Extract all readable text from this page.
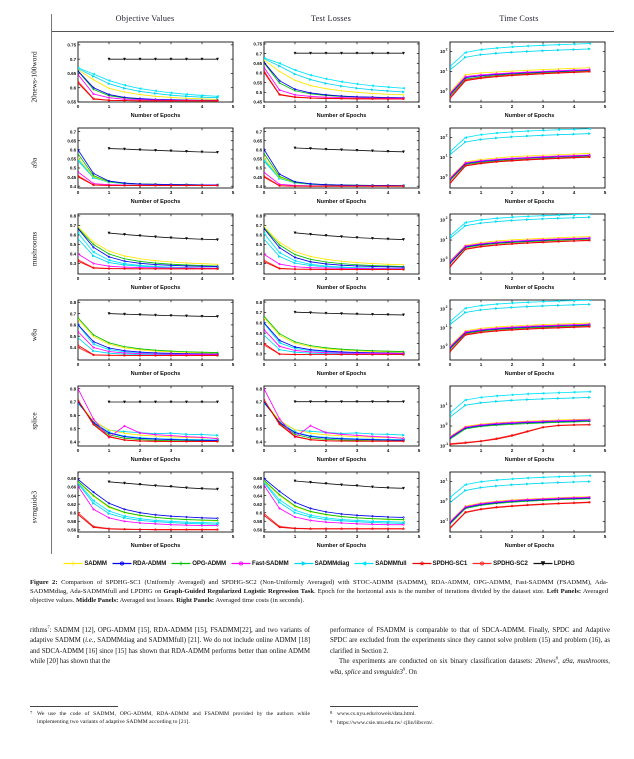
Objective Values	Test Losses	Time Costs
20news-100word
0	1	2	3	4	5
0.55
0.6
0.65
0.7
0.75
Number of Epochs
0	1	2	3	4	5
0.45
0.5
0.55
0.6
0.65
0.7
0.75
Number of Epochs
0	1	2	3	4	5
10 0
10 1
10 2
Number of Epochs
a9a
0	1	2	3	4	5
0.4
0.45
0.5
0.55
0.6
0.65
0.7
Number of Epochs
0	1	2	3	4	5
0.4
0.45
0.5
0.55
0.6
0.65
0.7
Number of Epochs
0	1	2	3	4	5
10 0
10 1
10 2
Number of Epochs
mushrooms
0	1	2	3	4	5
0.3
0.4
0.5
0.6
0.7
0.8
Number of Epochs
0	1	2	3	4	5
0.3
0.4
0.5
0.6
0.7
0.8
Number of Epochs
0	1	2	3	4	5
10 0
10 1
10 2
Number of Epochs
w8a
0	1	2	3	4	5
0.4
0.5
0.6
0.7
0.8
Number of Epochs
0	1	2	3	4	5
0.3
0.4
0.5
0.6
0.7
0.8
Number of Epochs
0	1	2	3	4	5
10 0
10 1
10 2
Number of Epochs
splice
0	1	2	3	4	5
0.4
0.5
0.6
0.7
0.8
Number of Epochs
0	1	2	3	4	5
0.4
0.5
0.6
0.7
0.8
Number of Epochs
0	1	2	3	4	5
10 -1
10 0
10 1
Number of Epochs
svmguide3
0	1	2	3	4	5
0.56
0.58
0.6
0.62
0.64
0.66
0.68
Number of Epochs
0	1	2	3	4	5
0.56
0.58
0.6
0.62
0.64
0.66
0.68
Number of Epochs
0	1	2	3	4	5
10 -1
10 0
10 1
Number of Epochs
SADMM	RDA-ADMM	OPG-ADMM	Fast-SADMM	SADMMdiag	SADMMfull	SPDHG-SC1	SPDHG-SC2	LPDHG
Figure 2: Comparison of SPDHG-SC1 (Uniformly Averaged) and SPDHG-SC2 (Non-Uniformly Averaged) with STOC-ADMM (SADMM), RDA-ADMM, OPG-ADMM, Fast-SADMM (FSADMM), Ada-SADMMdiag, Ada-SADMMfull and LPDHG on Graph-Guided Regularized Logistic Regression Task. Epoch for the horizontal axis is the number of iterations divided by the dataset size. Left Panels: Averaged objective values. Middle Panels: Averaged test losses. Right Panels: Averaged time costs (in seconds).

rithms$^7$: SADMM [12], OPG-ADMM [15], RDA-ADMM [15], FSADMM[22], and two variants of adaptive SADMM (i.e., SADMMdiag and SADMMfull) [21]. We do not include online ADMM [18] and SDCA-ADMM [16] since [15] has shown that RDA-ADMM performs better than online ADMM while [20] has shown that the

performance of FSADMM is comparable to that of SDCA-ADMM. Finally, SPDC and Adaptive SPDC are excluded from the experiments since they cannot solve problem (15) and problem (16), as clarified in Section 2.

The experiments are conducted on six binary classification datasets: 20news$^8$, a9a, mushrooms, w8a, splice and $svmguide3^9$. On

7 We use the code of SADMM, OPG-ADMM, RDA-ADMM and FSADMM provided by the authors while implementing two variants of adaptive SADMM according to [21].
8 www.cs.nyu.edu/roweis/data.html.
9 https://www.csie.ntu.edu.tw/ cjlin/libsvm/.
